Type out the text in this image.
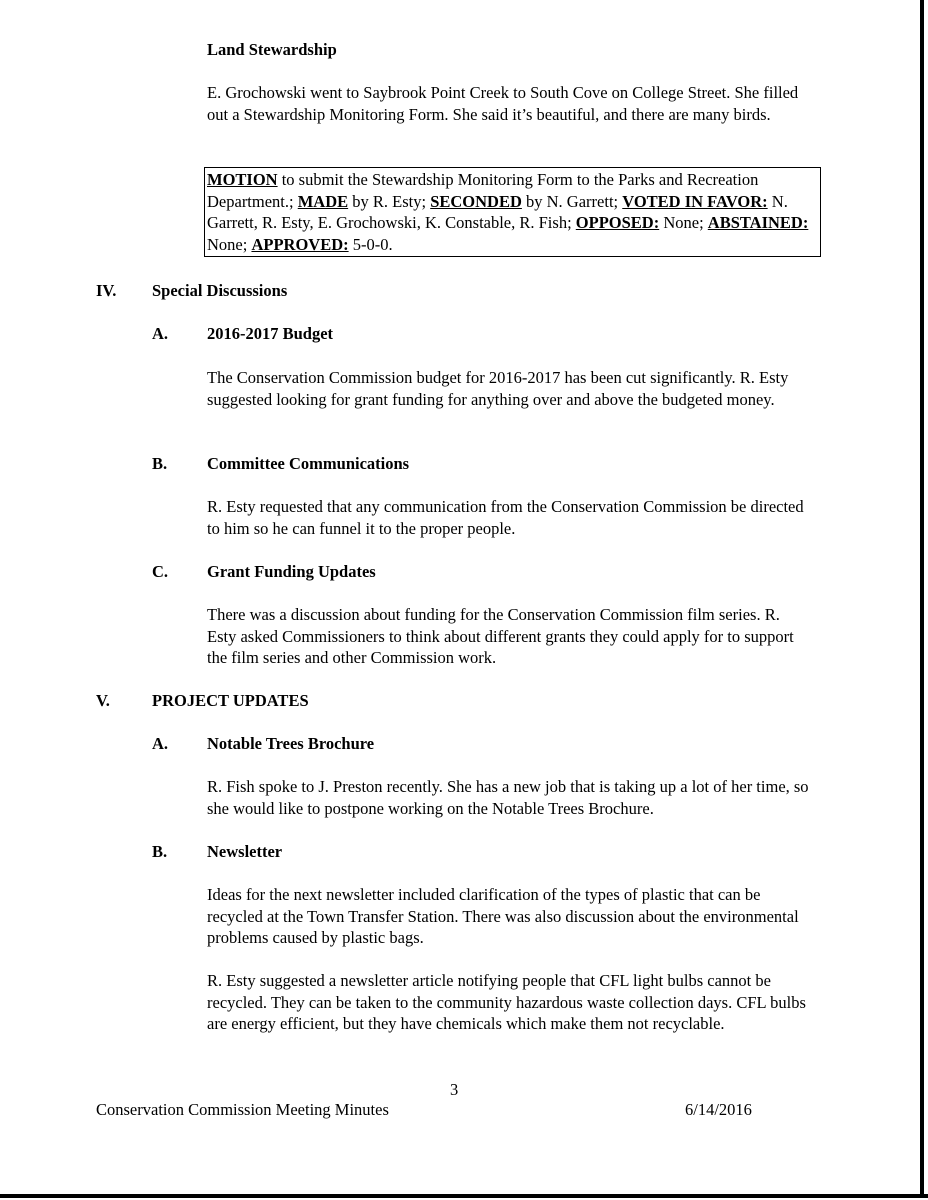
Land Stewardship

E. Grochowski went to Saybrook Point Creek to South Cove on College Street. She filled out a Stewardship Monitoring Form. She said it’s beautiful, and there are many birds.

MOTION to submit the Stewardship Monitoring Form to the Parks and Recreation Department.; MADE by R. Esty; SECONDED by N. Garrett; VOTED IN FAVOR: N. Garrett, R. Esty, E. Grochowski, K. Constable, R. Fish; OPPOSED: None; ABSTAINED: None; APPROVED: 5-0-0.
IV. Special Discussions
A. 2016-2017 Budget

The Conservation Commission budget for 2016-2017 has been cut significantly. R. Esty suggested looking for grant funding for anything over and above the budgeted money.

B. Committee Communications

R. Esty requested that any communication from the Conservation Commission be directed to him so he can funnel it to the proper people.

C. Grant Funding Updates

There was a discussion about funding for the Conservation Commission film series. R. Esty asked Commissioners to think about different grants they could apply for to support the film series and other Commission work.

V.	PROJECT UPDATES
A. Notable Trees Brochure

R. Fish spoke to J. Preston recently. She has a new job that is taking up a lot of her time, so she would like to postpone working on the Notable Trees Brochure.

B. Newsletter

Ideas for the next newsletter included clarification of the types of plastic that can be recycled at the Town Transfer Station. There was also discussion about the environmental problems caused by plastic bags.

R. Esty suggested a newsletter article notifying people that CFL light bulbs cannot be recycled. They can be taken to the community hazardous waste collection days. CFL bulbs are energy efficient, but they have chemicals which make them not recyclable.

3
Conservation Commission Meeting Minutes	6/14/2016
